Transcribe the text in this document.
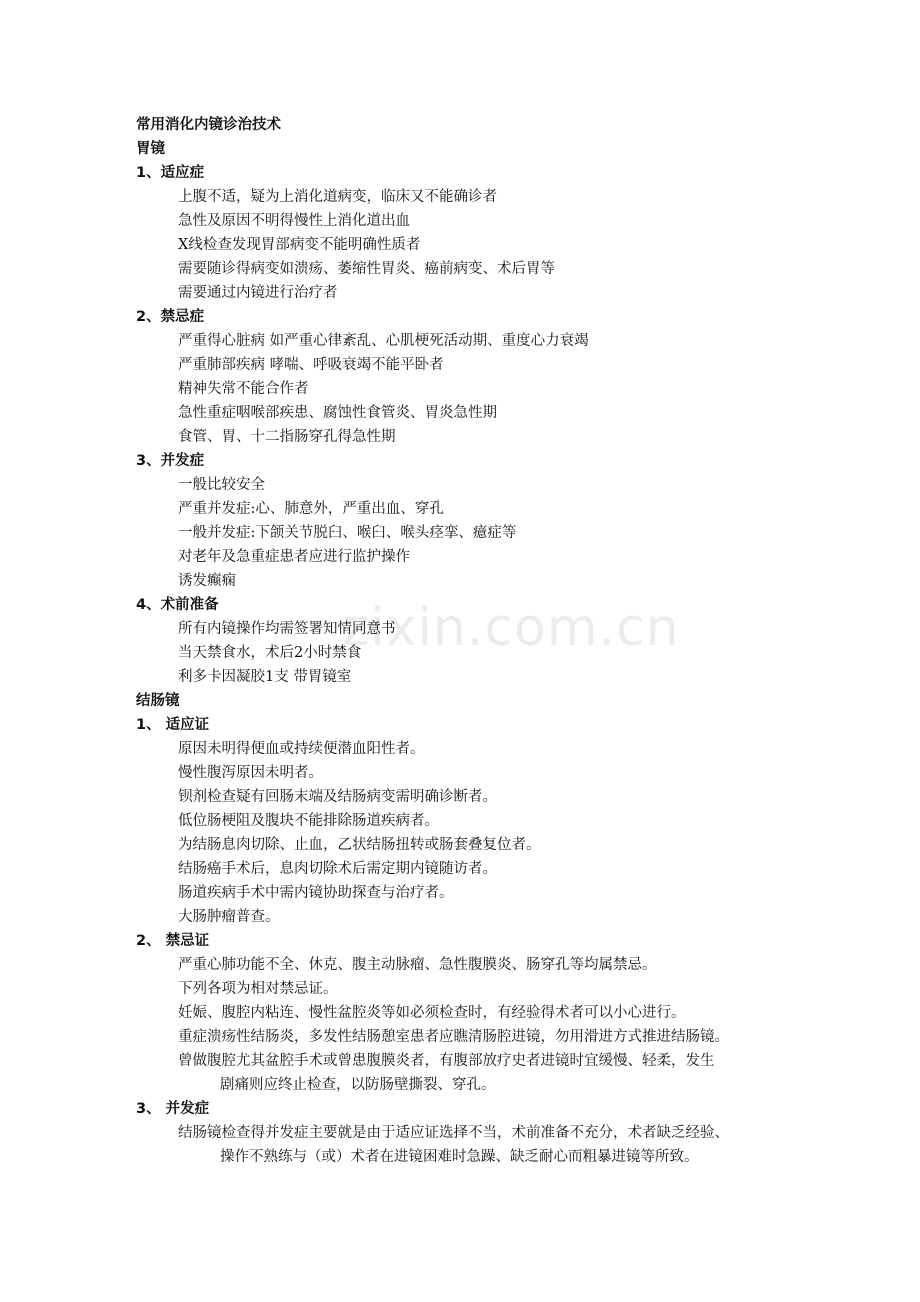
zixin.com.cn
常用消化内镜诊治技术
胃镜
1、适应症
上腹不适，疑为上消化道病变，临床又不能确诊者
急性及原因不明得慢性上消化道出血
X线检查发现胃部病变不能明确性质者
需要随诊得病变如溃疡、萎缩性胃炎、癌前病变、术后胃等
需要通过内镜进行治疗者
2、禁忌症
严重得心脏病 如严重心律紊乱、心肌梗死活动期、重度心力衰竭
严重肺部疾病 哮喘、呼吸衰竭不能平卧者
精神失常不能合作者
急性重症咽喉部疾患、腐蚀性食管炎、胃炎急性期
食管、胃、十二指肠穿孔得急性期
3、并发症
一般比较安全
严重并发症:心、肺意外，严重出血、穿孔
一般并发症:下颌关节脱臼、喉臼、喉头痉挛、癔症等
对老年及急重症患者应进行监护操作
诱发癫痫
4、术前准备
所有内镜操作均需签署知情同意书
当天禁食水，术后2小时禁食
利多卡因凝胶1支 带胃镜室
结肠镜
1、 适应证
原因未明得便血或持续便潜血阳性者。
慢性腹泻原因未明者。
钡剂检查疑有回肠末端及结肠病变需明确诊断者。
低位肠梗阻及腹块不能排除肠道疾病者。
为结肠息肉切除、止血，乙状结肠扭转或肠套叠复位者。
结肠癌手术后，息肉切除术后需定期内镜随访者。
肠道疾病手术中需内镜协助探查与治疗者。
大肠肿瘤普查。
2、 禁忌证
严重心肺功能不全、休克、腹主动脉瘤、急性腹膜炎、肠穿孔等均属禁忌。
下列各项为相对禁忌证。
妊娠、腹腔内粘连、慢性盆腔炎等如必须检查时，有经验得术者可以小心进行。
重症溃疡性结肠炎，多发性结肠憩室患者应瞧清肠腔进镜，勿用滑进方式推进结肠镜。
曾做腹腔尤其盆腔手术或曾患腹膜炎者，有腹部放疗史者进镜时宜缓慢、轻柔，发生
剧痛则应终止检查，以防肠壁撕裂、穿孔。
3、 并发症
结肠镜检查得并发症主要就是由于适应证选择不当，术前准备不充分，术者缺乏经验、
操作不熟练与（或）术者在进镜困难时急躁、缺乏耐心而粗暴进镜等所致。
